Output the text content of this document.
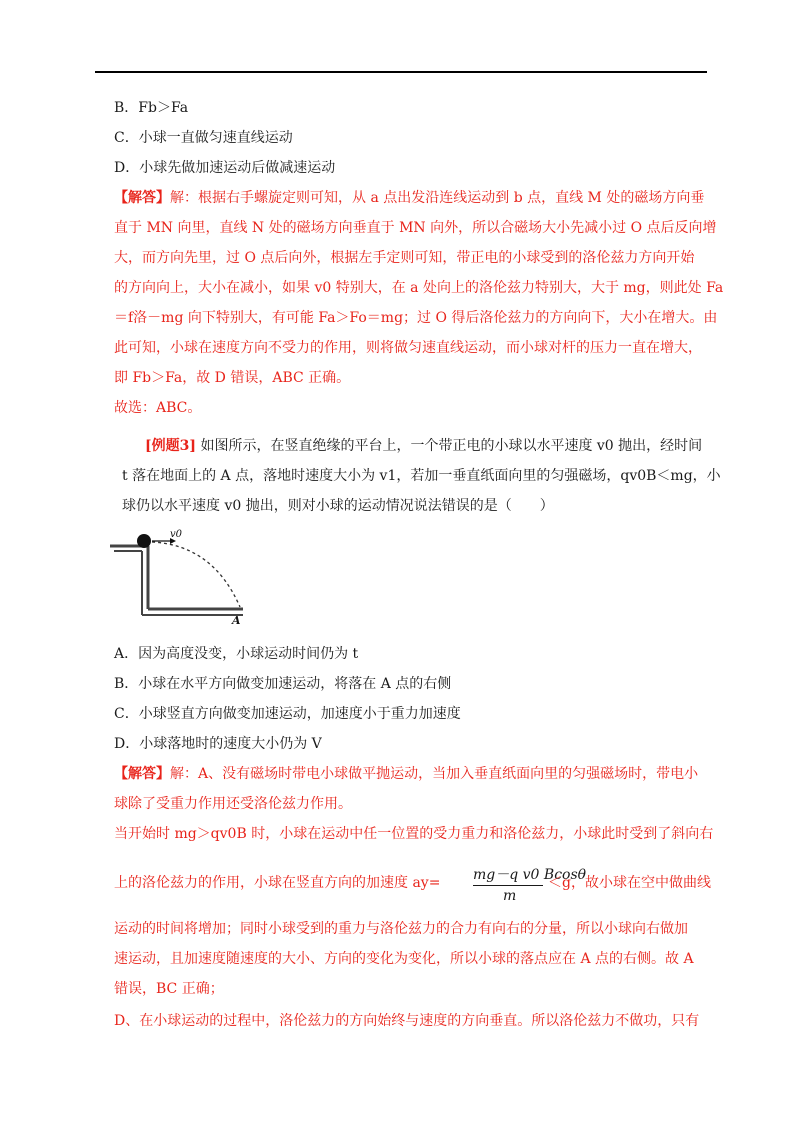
B．Fb＞Fa
C．小球一直做匀速直线运动
D．小球先做加速运动后做减速运动
【解答】解：根据右手螺旋定则可知，从 a 点出发沿连线运动到 b 点，直线 M 处的磁场方向垂
直于 MN 向里，直线 N 处的磁场方向垂直于 MN 向外，所以合磁场大小先减小过 O 点后反向增
大，而方向先里，过 O 点后向外，根据左手定则可知，带正电的小球受到的洛伦兹力方向开始
的方向向上，大小在减小，如果 v0 特别大，在 a 处向上的洛伦兹力特别大，大于 mg，则此处 Fa
＝f洛－mg 向下特别大，有可能 Fa＞Fo＝mg；过 O 得后洛伦兹力的方向向下，大小在增大。由
此可知，小球在速度方向不受力的作用，则将做匀速直线运动，而小球对杆的压力一直在增大，
即 Fb＞Fa，故 D 错误，ABC 正确。
故选：ABC。
[例题3] 如图所示，在竖直绝缘的平台上，一个带正电的小球以水平速度 v0 抛出，经时间
t 落在地面上的 A 点，落地时速度大小为 v1，若加一垂直纸面向里的匀强磁场，qv0B＜mg，小
球仍以水平速度 v0 抛出，则对小球的运动情况说法错误的是（　　）
v0
A
A．因为高度没变，小球运动时间仍为 t
B．小球在水平方向做变加速运动，将落在 A 点的右侧
C．小球竖直方向做变加速运动，加速度小于重力加速度
D．小球落地时的速度大小仍为 V
【解答】解：A、没有磁场时带电小球做平抛运动，当加入垂直纸面向里的匀强磁场时，带电小
球除了受重力作用还受洛伦兹力作用。
当开始时 mg＞qv0B 时，小球在运动中任一位置的受力重力和洛伦兹力，小球此时受到了斜向右
上的洛伦兹力的作用，小球在竖直方向的加速度 ay= mg－q v0 Bcosθ
m
＜g，故小球在空中做曲线
运动的时间将增加；同时小球受到的重力与洛伦兹力的合力有向右的分量，所以小球向右做加
速运动，且加速度随速度的大小、方向的变化为变化，所以小球的落点应在 A 点的右侧。故 A
错误，BC 正确；
D、在小球运动的过程中，洛伦兹力的方向始终与速度的方向垂直。所以洛伦兹力不做功，只有
